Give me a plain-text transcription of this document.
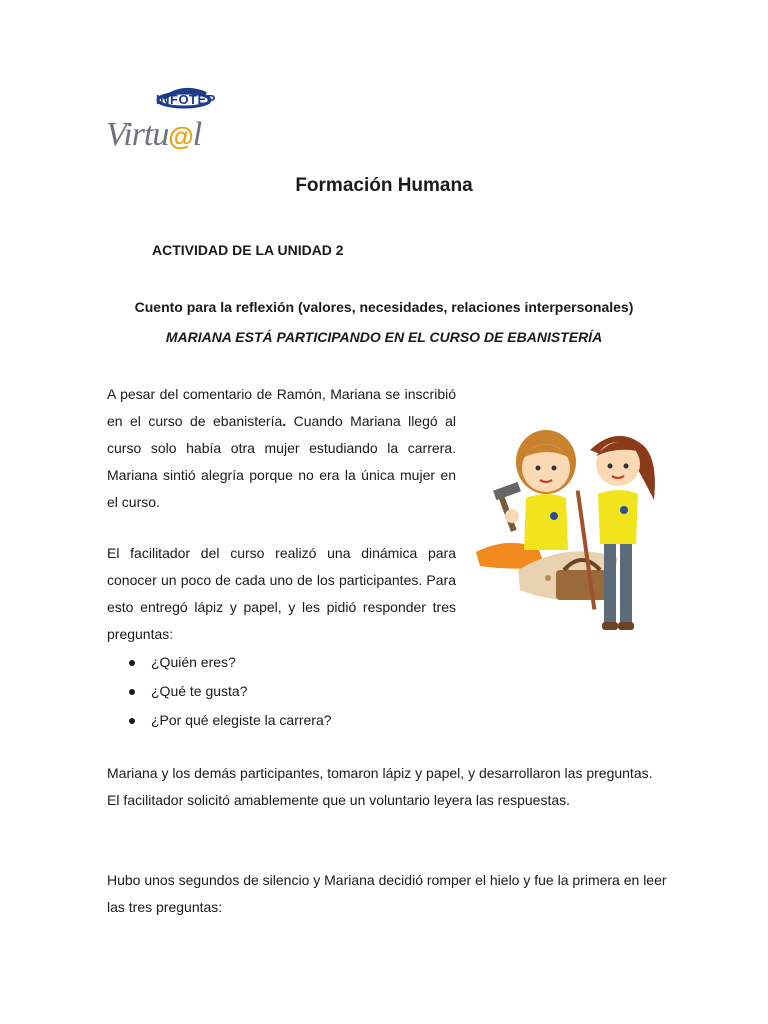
INFOTEP
Virtu@l
Formación Humana
ACTIVIDAD DE LA UNIDAD 2
Cuento para la reflexión (valores, necesidades, relaciones interpersonales)
MARIANA ESTÁ PARTICIPANDO EN EL CURSO DE EBANISTERÍA
A pesar del comentario de Ramón, Mariana se inscribió en el curso de ebanistería. Cuando Mariana llegó al curso solo había otra mujer estudiando la carrera. Mariana sintió alegría porque no era la única mujer en el curso.
El facilitador del curso realizó una dinámica para conocer un poco de cada uno de los participantes. Para esto entregó lápiz y papel, y les pidió responder tres preguntas:
¿Quién eres?
¿Qué te gusta?
¿Por qué elegiste la carrera?
Mariana y los demás participantes, tomaron lápiz y papel, y desarrollaron las preguntas. El facilitador solicitó amablemente que un voluntario leyera las respuestas.
Hubo unos segundos de silencio y Mariana decidió romper el hielo y fue la primera en leer las tres preguntas:
